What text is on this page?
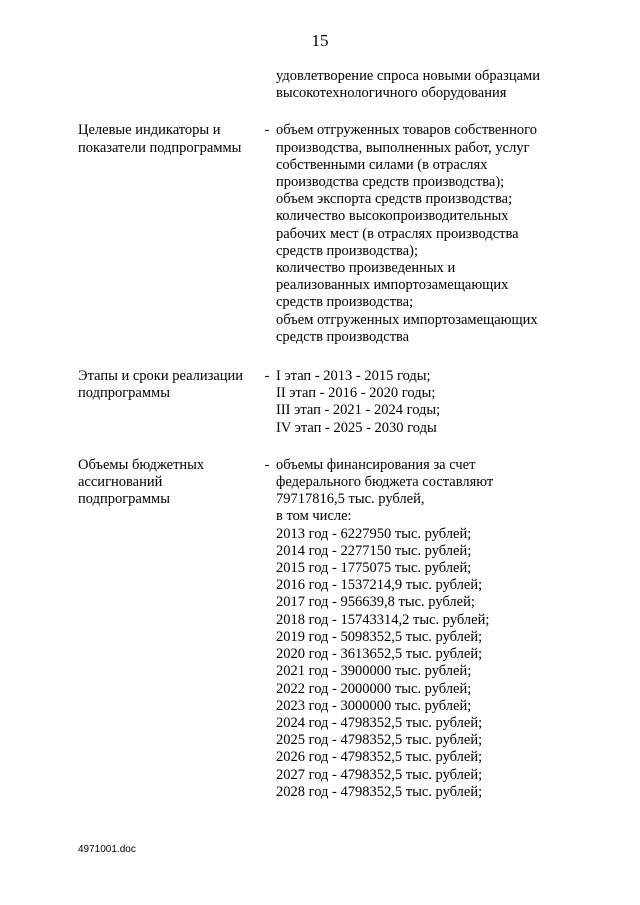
15
удовлетворение спроса новыми образцами
высокотехнологичного оборудования
Целевые индикаторы и
показатели подпрограммы
- объем отгруженных товаров собственного
производства, выполненных работ, услуг
собственными силами (в отраслях
производства средств производства);
объем экспорта средств производства;
количество высокопроизводительных
рабочих мест (в отраслях производства
средств производства);
количество произведенных и
реализованных импортозамещающих
средств производства;
объем отгруженных импортозамещающих
средств производства
Этапы и сроки реализации
подпрограммы
- I этап - 2013 - 2015 годы;
II этап - 2016 - 2020 годы;
III этап - 2021 - 2024 годы;
IV этап - 2025 - 2030 годы
Объемы бюджетных
ассигнований
подпрограммы
- объемы финансирования за счет
федерального бюджета составляют
79717816,5 тыс. рублей,
в том числе:
2013 год - 6227950 тыс. рублей;
2014 год - 2277150 тыс. рублей;
2015 год - 1775075 тыс. рублей;
2016 год - 1537214,9 тыс. рублей;
2017 год - 956639,8 тыс. рублей;
2018 год - 15743314,2 тыс. рублей;
2019 год - 5098352,5 тыс. рублей;
2020 год - 3613652,5 тыс. рублей;
2021 год - 3900000 тыс. рублей;
2022 год - 2000000 тыс. рублей;
2023 год - 3000000 тыс. рублей;
2024 год - 4798352,5 тыс. рублей;
2025 год - 4798352,5 тыс. рублей;
2026 год - 4798352,5 тыс. рублей;
2027 год - 4798352,5 тыс. рублей;
2028 год - 4798352,5 тыс. рублей;
4971001.doc
